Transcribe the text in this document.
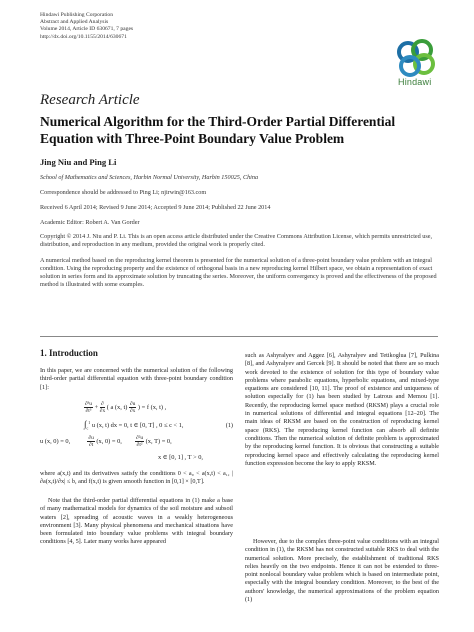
Hindawi Publishing Corporation
Abstract and Applied Analysis
Volume 2014, Article ID 630671, 7 pages
http://dx.doi.org/10.1155/2014/630671
Hindawi
Research Article
Numerical Algorithm for the Third-Order Partial Differential Equation with Three-Point Boundary Value Problem
Jing Niu and Ping Li
School of Mathematics and Sciences, Harbin Normal University, Harbin 150025, China
Correspondence should be addressed to Ping Li; njirwin@163.com
Received 6 April 2014; Revised 9 June 2014; Accepted 9 June 2014; Published 22 June 2014
Academic Editor: Robert A. Van Gorder
Copyright © 2014 J. Niu and P. Li. This is an open access article distributed under the Creative Commons Attribution License, which permits unrestricted use, distribution, and reproduction in any medium, provided the original work is properly cited.
A numerical method based on the reproducing kernel theorem is presented for the numerical solution of a three-point boundary value problem with an integral condition. Using the reproducing property and the existence of orthogonal basis in a new reproducing kernel Hilbert space, we obtain a representation of exact solution in series form and its approximate solution by truncating the series. Moreover, the uniform convergency is proved and the effectiveness of the proposed method is illustrated with some examples.
1. Introduction
In this paper, we are concerned with the numerical solution of the following third-order partial differential equation with three-point boundary condition [1]:
$\frac{\text{∂³u}}{\text{∂t³}} + \frac{\partial}{\partial x}$ ( a (x, $t) \frac{\partial u}{\partial x}$ ) = f (x, t) ,
$\int_c^1$ u (x, t) dx = 0, t ∈ [0, T] , 0 ≤ c < 1,
u (x, 0) = 0,	$\frac{\partial u}{\partial t} (x$, 0) = 0, $\frac{\text{∂²u}}{\text{∂t²}} (x$, T) = 0,
x ∈ [0, 1] , T > 0,
(1)
where a(x,t) and its derivatives satisfy the conditions 0 < a₀ < a(x,t) < a₁, |∂a(x,t)/∂x| ≤ b, and f(x,t) is given smooth function in [0,1] × [0,T].
Note that the third-order partial differential equations in (1) make a base of many mathematical models for dynamics of the soil moisture and subsoil waters [2], spreading of acoustic waves in a weakly heterogeneous environment [3]. Many physical phenomena and mechanical situations have been formulated into boundary value problems with integral boundary conditions [4, 5]. Later many works have appeared
such as Ashyralyev and Aggez [6], Ashyralyev and Tetikoglua [7], Pulkina [8], and Ashyralyev and Gercek [9]. It should be noted that there are so much work devoted to the existence of solution for this type of boundary value problems where parabolic equations, hyperbolic equations, and mixed-type equations are considered [10, 11]. The proof of existence and uniqueness of solution especially for (1) has been studied by Latrous and Memou [1]. Recently, the reproducing kernel space method (RKSM) plays a crucial role in numerical solutions of differential and integral equations [12–20]. The main ideas of RKSM are based on the construction of reproducing kernel space (RKS). The reproducing kernel function can absorb all definite conditions. Then the numerical solution of definite problem is approximated by the reproducing kernel function. It is obvious that constructing a suitable reproducing kernel space and effectively calculating the reproducing kernel function expression become the key to apply RKSM.
However, due to the complex three-point value conditions with an integral condition in (1), the RKSM has not constructed suitable RKS to deal with the numerical solution. More precisely, the establishment of traditional RKS relies heavily on the two endpoints. Hence it can not be extended to three-point nonlocal boundary value problem which is based on intermediate point, especially with the integral boundary condition. Moreover, to the best of the authors' knowledge, the numerical approximations of the problem equation (1)
